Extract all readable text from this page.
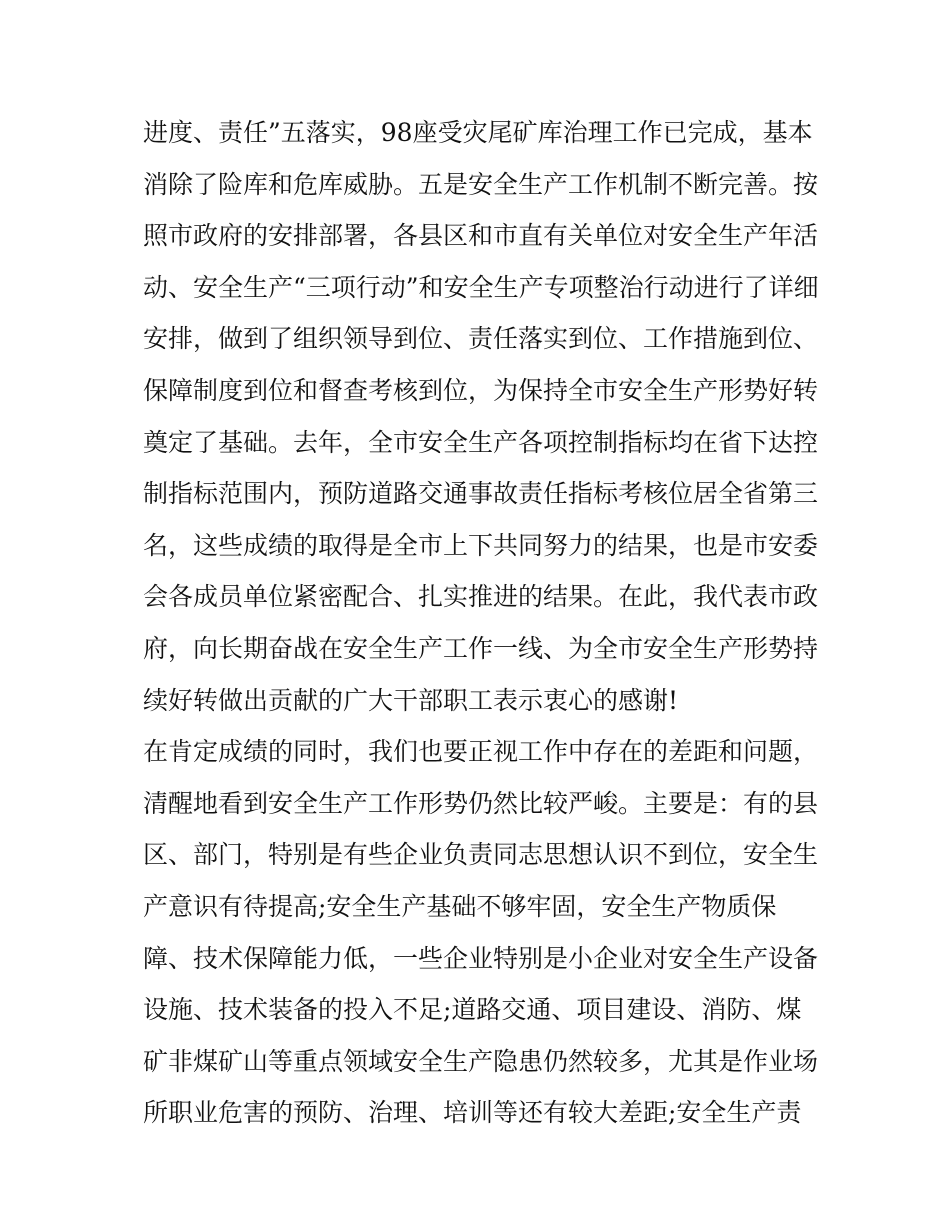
进度、责任”五落实，98座受灾尾矿库治理工作已完成，基本
消除了险库和危库威胁。五是安全生产工作机制不断完善。按
照市政府的安排部署，各县区和市直有关单位对安全生产年活
动、安全生产“三项行动”和安全生产专项整治行动进行了详细
安排，做到了组织领导到位、责任落实到位、工作措施到位、
保障制度到位和督查考核到位，为保持全市安全生产形势好转
奠定了基础。去年，全市安全生产各项控制指标均在省下达控
制指标范围内，预防道路交通事故责任指标考核位居全省第三
名，这些成绩的取得是全市上下共同努力的结果，也是市安委
会各成员单位紧密配合、扎实推进的结果。在此，我代表市政
府，向长期奋战在安全生产工作一线、为全市安全生产形势持
续好转做出贡献的广大干部职工表示衷心的感谢!
在肯定成绩的同时，我们也要正视工作中存在的差距和问题，
清醒地看到安全生产工作形势仍然比较严峻。主要是：有的县
区、部门，特别是有些企业负责同志思想认识不到位，安全生
产意识有待提高;安全生产基础不够牢固，安全生产物质保
障、技术保障能力低，一些企业特别是小企业对安全生产设备
设施、技术装备的投入不足;道路交通、项目建设、消防、煤
矿非煤矿山等重点领域安全生产隐患仍然较多，尤其是作业场
所职业危害的预防、治理、培训等还有较大差距;安全生产责
